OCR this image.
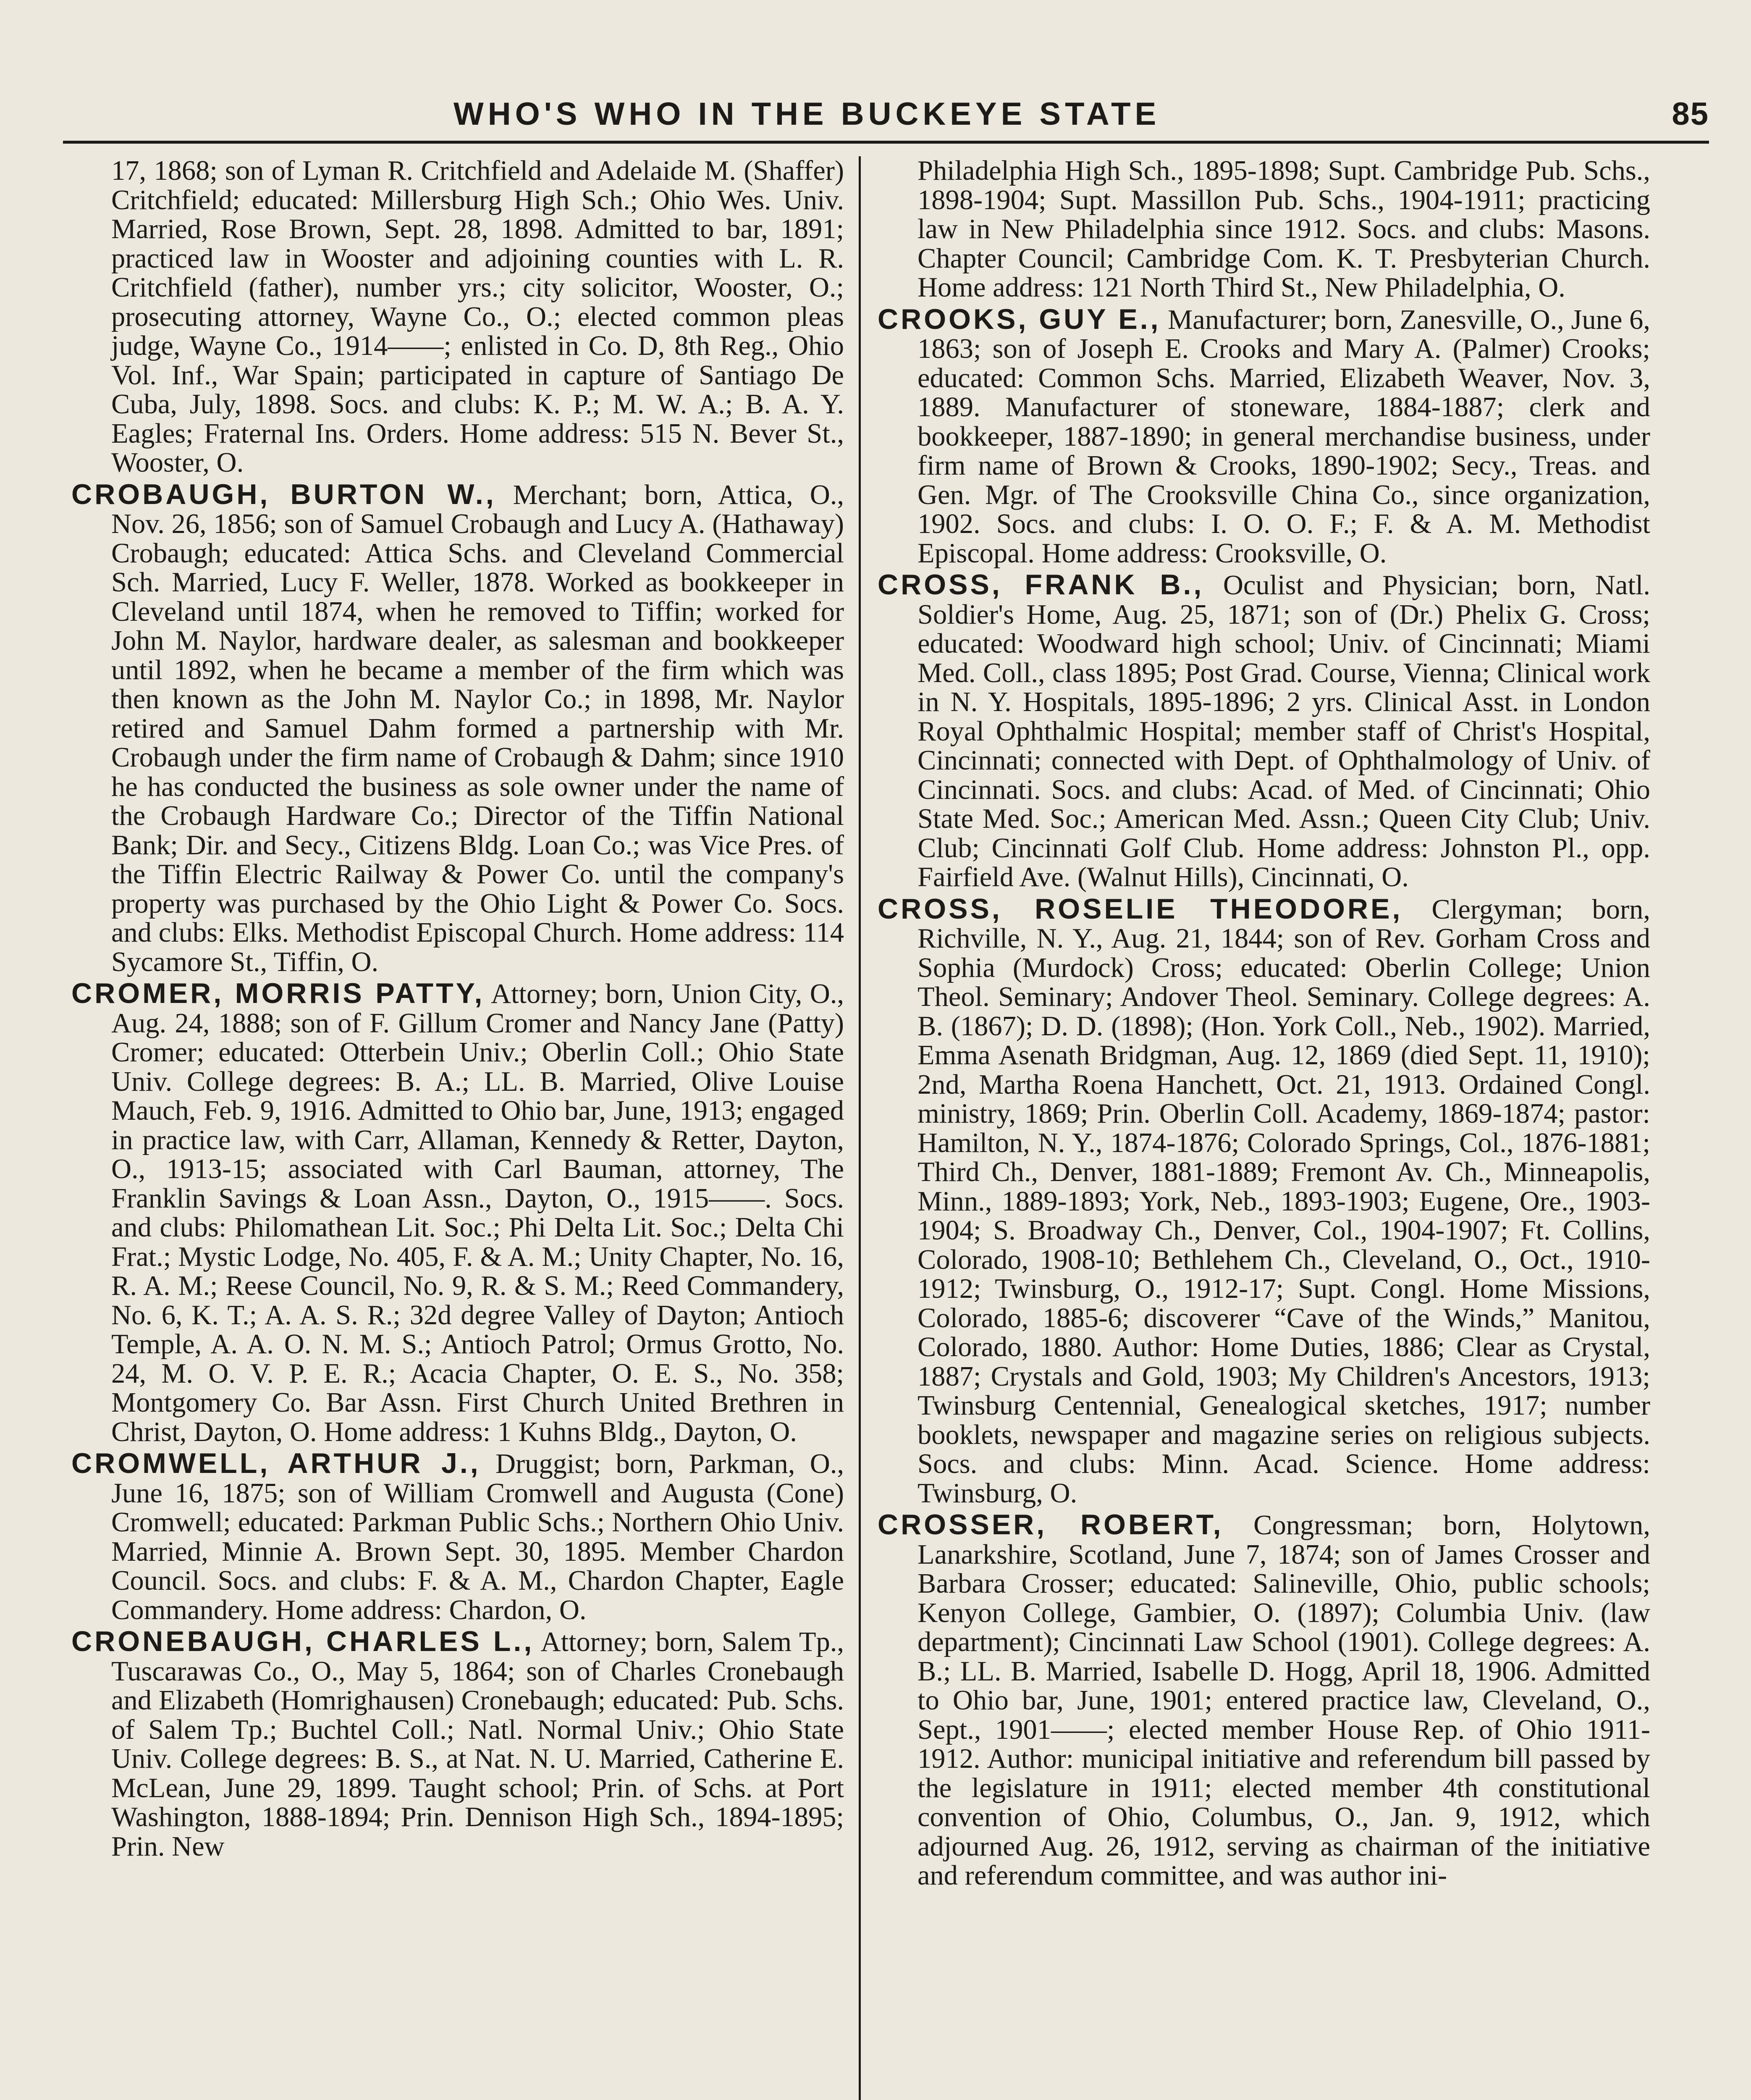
WHO'S WHO IN THE BUCKEYE STATE	85

17, 1868; son of Lyman R. Critchfield and Adelaide M. (Shaffer) Critchfield; educated: Millersburg High Sch.; Ohio Wes. Univ. Married, Rose Brown, Sept. 28, 1898. Admitted to bar, 1891; practiced law in Wooster and adjoining counties with L. R. Critchfield (father), number yrs.; city solicitor, Wooster, O.; prosecuting attorney, Wayne Co., O.; elected common pleas judge, Wayne Co., 1914——; enlisted in Co. D, 8th Reg., Ohio Vol. Inf., War Spain; participated in capture of Santiago De Cuba, July, 1898. Socs. and clubs: K. P.; M. W. A.; B. A. Y. Eagles; Fraternal Ins. Orders. Home address: 515 N. Bever St., Wooster, O.

CROBAUGH, BURTON W., Merchant; born, Attica, O., Nov. 26, 1856; son of Samuel Crobaugh and Lucy A. (Hathaway) Crobaugh; educated: Attica Schs. and Cleveland Commercial Sch. Married, Lucy F. Weller, 1878. Worked as bookkeeper in Cleveland until 1874, when he removed to Tiffin; worked for John M. Naylor, hardware dealer, as salesman and bookkeeper until 1892, when he became a member of the firm which was then known as the John M. Naylor Co.; in 1898, Mr. Naylor retired and Samuel Dahm formed a partnership with Mr. Crobaugh under the firm name of Crobaugh & Dahm; since 1910 he has conducted the business as sole owner under the name of the Crobaugh Hardware Co.; Director of the Tiffin National Bank; Dir. and Secy., Citizens Bldg. Loan Co.; was Vice Pres. of the Tiffin Electric Railway & Power Co. until the company's property was purchased by the Ohio Light & Power Co. Socs. and clubs: Elks. Methodist Episcopal Church. Home address: 114 Sycamore St., Tiffin, O.

CROMER, MORRIS PATTY, Attorney; born, Union City, O., Aug. 24, 1888; son of F. Gillum Cromer and Nancy Jane (Patty) Cromer; educated: Otterbein Univ.; Oberlin Coll.; Ohio State Univ. College degrees: B. A.; LL. B. Married, Olive Louise Mauch, Feb. 9, 1916. Admitted to Ohio bar, June, 1913; engaged in practice law, with Carr, Allaman, Kennedy & Retter, Dayton, O., 1913-15; associated with Carl Bauman, attorney, The Franklin Savings & Loan Assn., Dayton, O., 1915——. Socs. and clubs: Philomathean Lit. Soc.; Phi Delta Lit. Soc.; Delta Chi Frat.; Mystic Lodge, No. 405, F. & A. M.; Unity Chapter, No. 16, R. A. M.; Reese Council, No. 9, R. & S. M.; Reed Commandery, No. 6, K. T.; A. A. S. R.; 32d degree Valley of Dayton; Antioch Temple, A. A. O. N. M. S.; Antioch Patrol; Ormus Grotto, No. 24, M. O. V. P. E. R.; Acacia Chapter, O. E. S., No. 358; Montgomery Co. Bar Assn. First Church United Brethren in Christ, Dayton, O. Home address: 1 Kuhns Bldg., Dayton, O.

CROMWELL, ARTHUR J., Druggist; born, Parkman, O., June 16, 1875; son of William Cromwell and Augusta (Cone) Cromwell; educated: Parkman Public Schs.; Northern Ohio Univ. Married, Minnie A. Brown Sept. 30, 1895. Member Chardon Council. Socs. and clubs: F. & A. M., Chardon Chapter, Eagle Commandery. Home address: Chardon, O.

CRONEBAUGH, CHARLES L., Attorney; born, Salem Tp., Tuscarawas Co., O., May 5, 1864; son of Charles Cronebaugh and Elizabeth (Homrighausen) Cronebaugh; educated: Pub. Schs. of Salem Tp.; Buchtel Coll.; Natl. Normal Univ.; Ohio State Univ. College degrees: B. S., at Nat. N. U. Married, Catherine E. McLean, June 29, 1899. Taught school; Prin. of Schs. at Port Washington, 1888-1894; Prin. Dennison High Sch., 1894-1895; Prin. New

Philadelphia High Sch., 1895-1898; Supt. Cambridge Pub. Schs., 1898-1904; Supt. Massillon Pub. Schs., 1904-1911; practicing law in New Philadelphia since 1912. Socs. and clubs: Masons. Chapter Council; Cambridge Com. K. T. Presbyterian Church. Home address: 121 North Third St., New Philadelphia, O.

CROOKS, GUY E., Manufacturer; born, Zanesville, O., June 6, 1863; son of Joseph E. Crooks and Mary A. (Palmer) Crooks; educated: Common Schs. Married, Elizabeth Weaver, Nov. 3, 1889. Manufacturer of stoneware, 1884-1887; clerk and bookkeeper, 1887-1890; in general merchandise business, under firm name of Brown & Crooks, 1890-1902; Secy., Treas. and Gen. Mgr. of The Crooksville China Co., since organization, 1902. Socs. and clubs: I. O. O. F.; F. & A. M. Methodist Episcopal. Home address: Crooksville, O.

CROSS, FRANK B., Oculist and Physician; born, Natl. Soldier's Home, Aug. 25, 1871; son of (Dr.) Phelix G. Cross; educated: Woodward high school; Univ. of Cincinnati; Miami Med. Coll., class 1895; Post Grad. Course, Vienna; Clinical work in N. Y. Hospitals, 1895-1896; 2 yrs. Clinical Asst. in London Royal Ophthalmic Hospital; member staff of Christ's Hospital, Cincinnati; connected with Dept. of Ophthalmology of Univ. of Cincinnati. Socs. and clubs: Acad. of Med. of Cincinnati; Ohio State Med. Soc.; American Med. Assn.; Queen City Club; Univ. Club; Cincinnati Golf Club. Home address: Johnston Pl., opp. Fairfield Ave. (Walnut Hills), Cincinnati, O.

CROSS, ROSELIE THEODORE, Clergyman; born, Richville, N. Y., Aug. 21, 1844; son of Rev. Gorham Cross and Sophia (Murdock) Cross; educated: Oberlin College; Union Theol. Seminary; Andover Theol. Seminary. College degrees: A. B. (1867); D. D. (1898); (Hon. York Coll., Neb., 1902). Married, Emma Asenath Bridgman, Aug. 12, 1869 (died Sept. 11, 1910); 2nd, Martha Roena Hanchett, Oct. 21, 1913. Ordained Congl. ministry, 1869; Prin. Oberlin Coll. Academy, 1869-1874; pastor: Hamilton, N. Y., 1874-1876; Colorado Springs, Col., 1876-1881; Third Ch., Denver, 1881-1889; Fremont Av. Ch., Minneapolis, Minn., 1889-1893; York, Neb., 1893-1903; Eugene, Ore., 1903-1904; S. Broadway Ch., Denver, Col., 1904-1907; Ft. Collins, Colorado, 1908-10; Bethlehem Ch., Cleveland, O., Oct., 1910-1912; Twinsburg, O., 1912-17; Supt. Congl. Home Missions, Colorado, 1885-6; discoverer “Cave of the Winds,” Manitou, Colorado, 1880. Author: Home Duties, 1886; Clear as Crystal, 1887; Crystals and Gold, 1903; My Children's Ancestors, 1913; Twinsburg Centennial, Genealogical sketches, 1917; number booklets, newspaper and magazine series on religious subjects. Socs. and clubs: Minn. Acad. Science. Home address: Twinsburg, O.

CROSSER, ROBERT, Congressman; born, Holytown, Lanarkshire, Scotland, June 7, 1874; son of James Crosser and Barbara Crosser; educated: Salineville, Ohio, public schools; Kenyon College, Gambier, O. (1897); Columbia Univ. (law department); Cincinnati Law School (1901). College degrees: A. B.; LL. B. Married, Isabelle D. Hogg, April 18, 1906. Admitted to Ohio bar, June, 1901; entered practice law, Cleveland, O., Sept., 1901——; elected member House Rep. of Ohio 1911-1912. Author: municipal initiative and referendum bill passed by the legislature in 1911; elected member 4th constitutional convention of Ohio, Columbus, O., Jan. 9, 1912, which adjourned Aug. 26, 1912, serving as chairman of the initiative and referendum committee, and was author ini-
